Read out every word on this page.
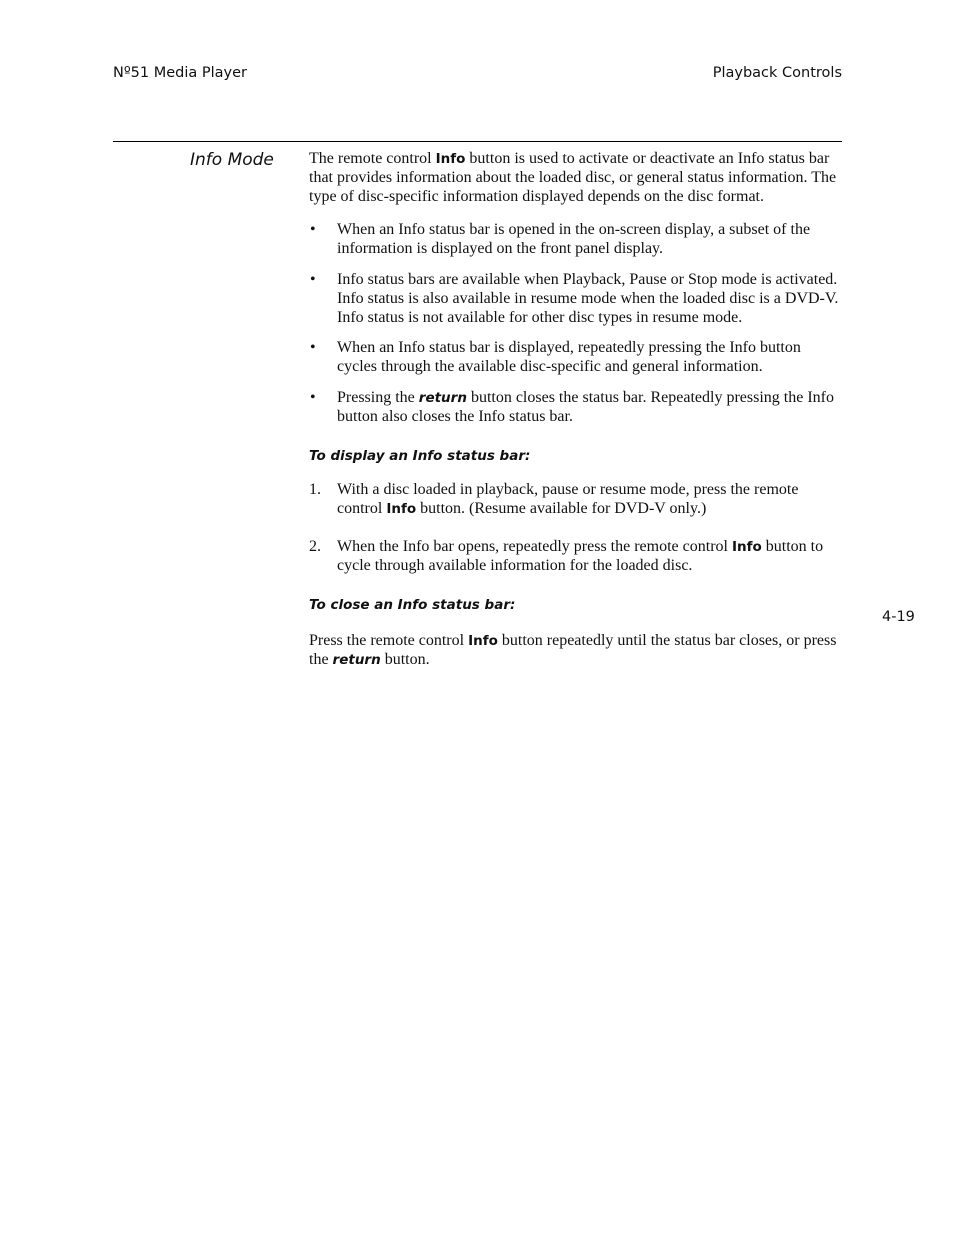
Nº51 Media Player	Playback Controls
Info Mode The remote control Info button is used to activate or deactivate an Info status bar that provides information about the loaded disc, or general status information. The type of disc-specific information displayed depends on the disc format.

• When an Info status bar is opened in the on-screen display, a subset of the information is displayed on the front panel display.
• Info status bars are available when Playback, Pause or Stop mode is activated. Info status is also available in resume mode when the loaded disc is a DVD-V. Info status is not available for other disc types in resume mode.
• When an Info status bar is displayed, repeatedly pressing the Info button cycles through the available disc-specific and general information.
• Pressing the return button closes the status bar. Repeatedly pressing the Info button also closes the Info status bar.

To display an Info status bar:

1. With a disc loaded in playback, pause or resume mode, press the remote control Info button. (Resume available for DVD-V only.)
2. When the Info bar opens, repeatedly press the remote control Info button to cycle through available information for the loaded disc.

To close an Info status bar:

Press the remote control Info button repeatedly until the status bar closes, or press the return button.

4-19
